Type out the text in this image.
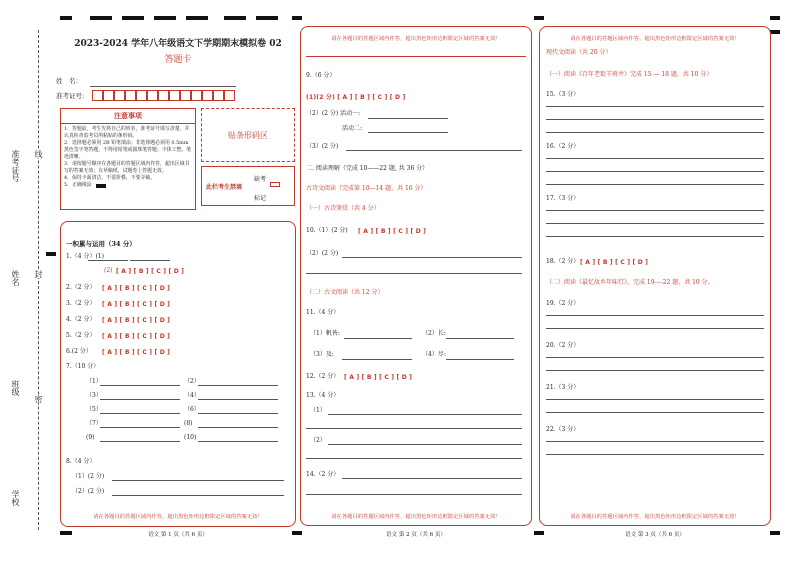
准考证号
姓名
班级
学校
线
封
密
2023-2024 学年八年级语文下学期期末模拟卷 02
答题卡
姓　名：
准考证号：
注意事项
1．答题前，考生先将自己的姓名，准考证号填写清楚，并认真检查监考员所粘贴的条形码。
2．选择题必须用 2B 铅笔填涂；非选择题必须用 0.5mm 黑色签字笔答题，不得用铅笔或圆珠笔答题；字体工整、笔迹清晰。
3．请按题号顺序在各题目的答题区域内作答，超出区域书写的答案无效；在草稿纸、试题卷上答题无效。
4．保持卡面清洁，不要折叠、不要弄破。
5．正确填涂
贴条形码区
此栏考生禁填
缺考
标记
一积累与运用（34 分）
1.（4 分）(1)
(2) [ A ] [ B ] [ C ] [ D ]
2.（2 分） [ A ] [ B ] [ C ] [ D ]
3.（2 分） [ A ] [ B ] [ C ] [ D ]
4.（2 分） [ A ] [ B ] [ C ] [ D ]
5.（2 分） [ A ] [ B ] [ C ] [ D ]
6.(2 分） [ A ] [ B ] [ C ] [ D ]
7.（10 分）
（1）	（2）
（3）	（4）
（5）	（6）
（7）	(8)
(9)	(10)
8.（4 分）
（1）(2 分)
（2）(2 分)
请在各题目的答题区域内作答，超出黑色矩形边框限定区域的答案无效！
语文 第 1 页（共 6 页）
请在各题目的答题区域内作答，超出黑色矩形边框限定区域的答案无效！
9.（6 分）
(1)(2 分) [ A ] [ B ] [ C ] [ D ]
（2）(2 分) 活动一:
活动二:
（3）(2 分)
二. 阅读理解（完成 10——22 题, 共 36 分）
古诗文阅读（完成第 10—14 题，共 16 分）
（一）古诗鉴赏（共 4 分）
10.（1）(2 分) [ A ] [ B ] [ C ] [ D ]
（2）(2 分)
（二）古文阅读（共 12 分）
11.（4 分）
（1）帆皆:	（2）长:
（3）及:	（4）尽:
12.（2 分） [ A ] [ B ] [ C ] [ D ]
13.（4 分）
（1）
（2）
14.（2 分）
请在各题目的答题区域内作答，超出黑色矩形边框限定区域的答案无效！
语文 第 2 页（共 6 页）
请在各题目的答题区域内作答，超出黑色矩形边框限定区域的答案无效！
现代文阅读（共 20 分）
（一）阅读《百年老街羊府井》完成 15 — 18 题，共 10 分）
15.（3 分）
16.（2 分）
17.（3 分）
18.（2 分） [ A ] [ B ] [ C ] [ D ]
（二）阅读《最忆故乡年味灯》，完成 19----22 题，共 10 分。
19.（2 分）
20.（2 分）
21.（3 分）
22.（3 分）
请在各题目的答题区域内作答，超出黑色矩形边框限定区域的答案无效！
语文 第 3 页（共 6 页）
